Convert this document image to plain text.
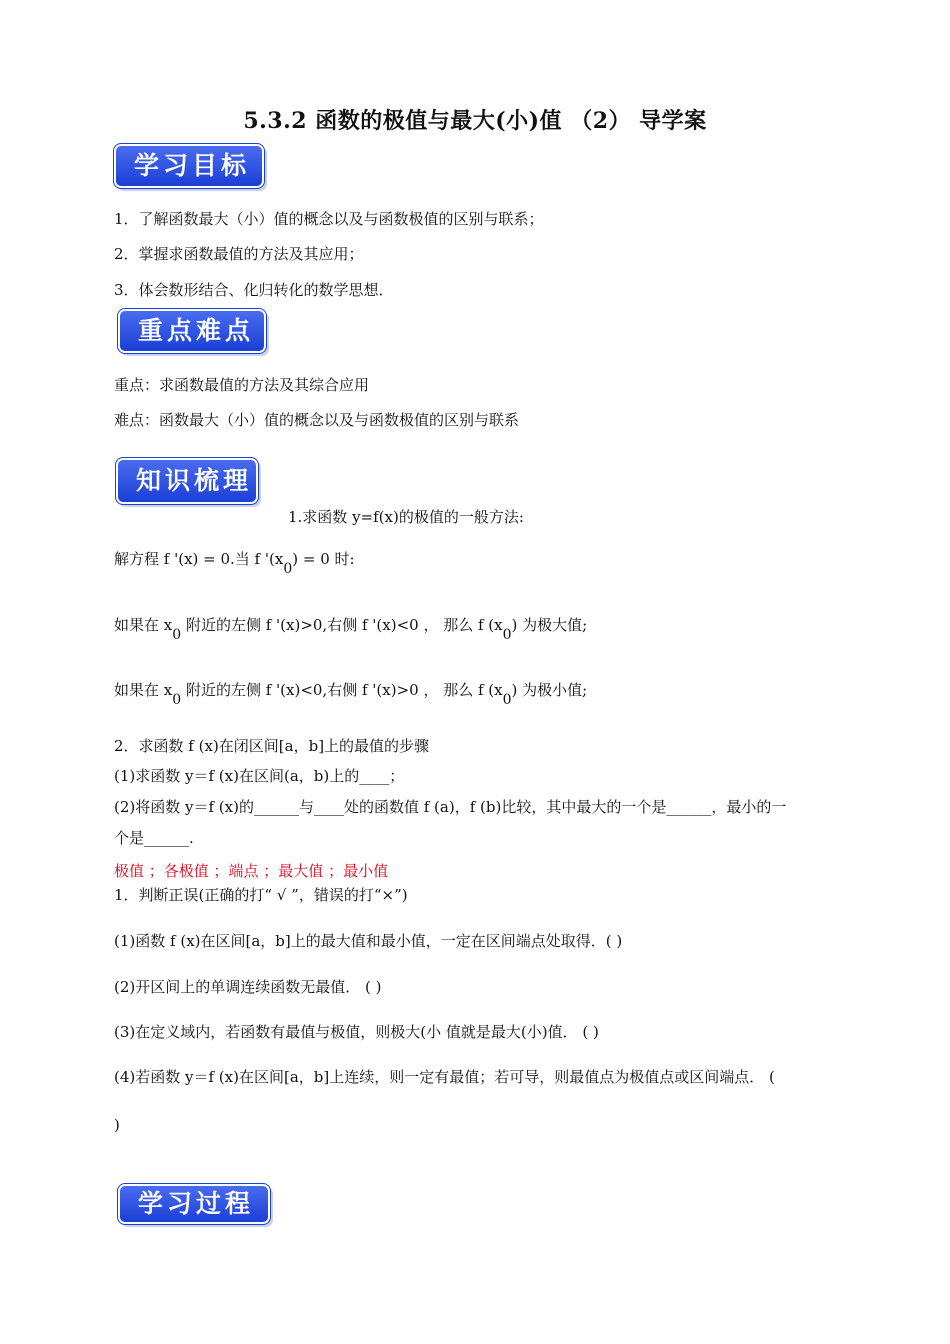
5.3.2 函数的极值与最大(小)值 （2） 导学案
学习目标
1．了解函数最大（小）值的概念以及与函数极值的区别与联系；
2．掌握求函数最值的方法及其应用；
3．体会数形结合、化归转化的数学思想．
重点难点
重点：求函数最值的方法及其综合应用
难点：函数最大（小）值的概念以及与函数极值的区别与联系
知识梳理
1.求函数 y=f(x)的极值的一般方法:
解方程 f '(x) = 0.当 f '(x0) = 0 时:
如果在 x0 附近的左侧 f '(x)>0,右侧 f '(x)<0 ， 那么 f (x0) 为极大值;
如果在 x0 附近的左侧 f '(x)<0,右侧 f '(x)>0 ， 那么 f (x0) 为极小值;
2．求函数 f (x)在闭区间[a，b]上的最值的步骤
(1)求函数 y＝f (x)在区间(a，b)上的____；
(2)将函数 y＝f (x)的______与____处的函数值 f (a)，f (b)比较，其中最大的一个是______，最小的一
个是______.
极值 ；各极值 ；端点 ；最大值 ；最小值
1．判断正误(正确的打“ √ ”，错误的打“×”)
(1)函数 f (x)在区间[a，b]上的最大值和最小值，一定在区间端点处取得．( )
(2)开区间上的单调连续函数无最值． ( )
(3)在定义域内，若函数有最值与极值，则极大(小 值就是最大(小)值． ( )
(4)若函数 y＝f (x)在区间[a，b]上连续，则一定有最值；若可导，则最值点为极值点或区间端点． (
)
学习过程
